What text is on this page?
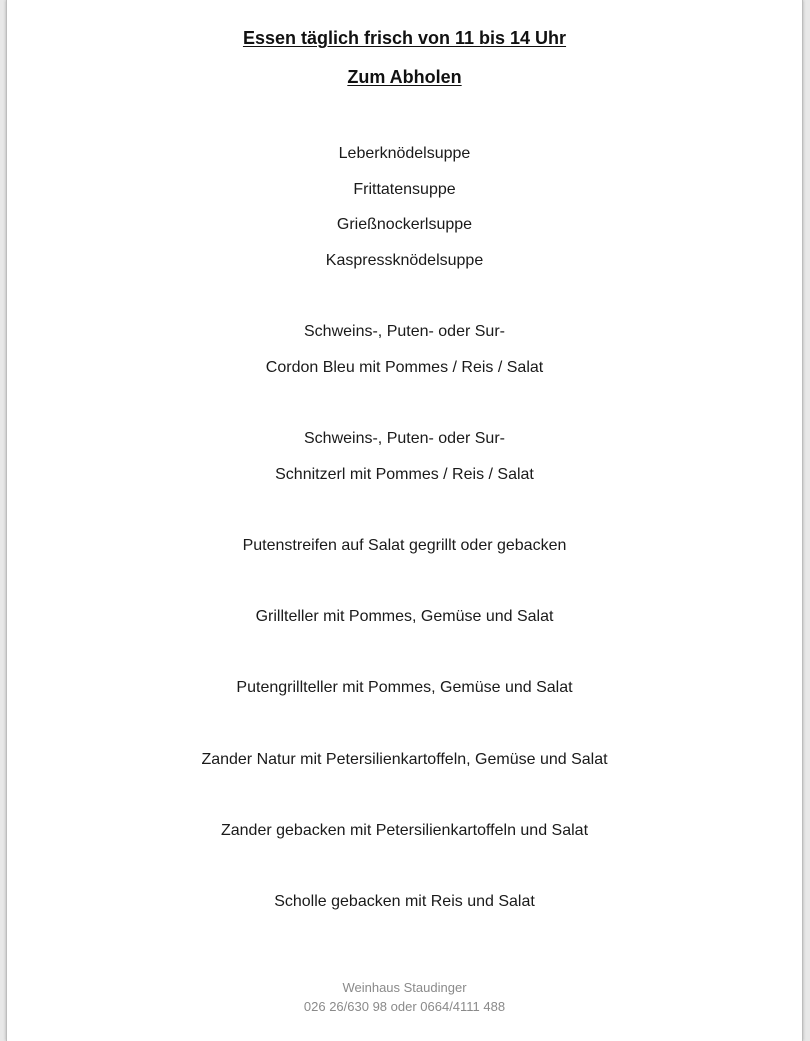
Essen täglich frisch von 11 bis 14 Uhr
Zum Abholen
Leberknödelsuppe
Frittatensuppe
Grießnockerlsuppe
Kaspressknödelsuppe
Schweins-, Puten- oder Sur-
Cordon Bleu mit Pommes / Reis / Salat
Schweins-, Puten- oder Sur-
Schnitzerl mit Pommes / Reis / Salat
Putenstreifen auf Salat gegrillt oder gebacken
Grillteller mit Pommes, Gemüse und Salat
Putengrillteller mit Pommes, Gemüse und Salat
Zander Natur mit Petersilienkartoffeln, Gemüse und Salat
Zander gebacken mit Petersilienkartoffeln und Salat
Scholle gebacken mit Reis und Salat
Weinhaus Staudinger
026 26/630 98 oder 0664/4111 488
